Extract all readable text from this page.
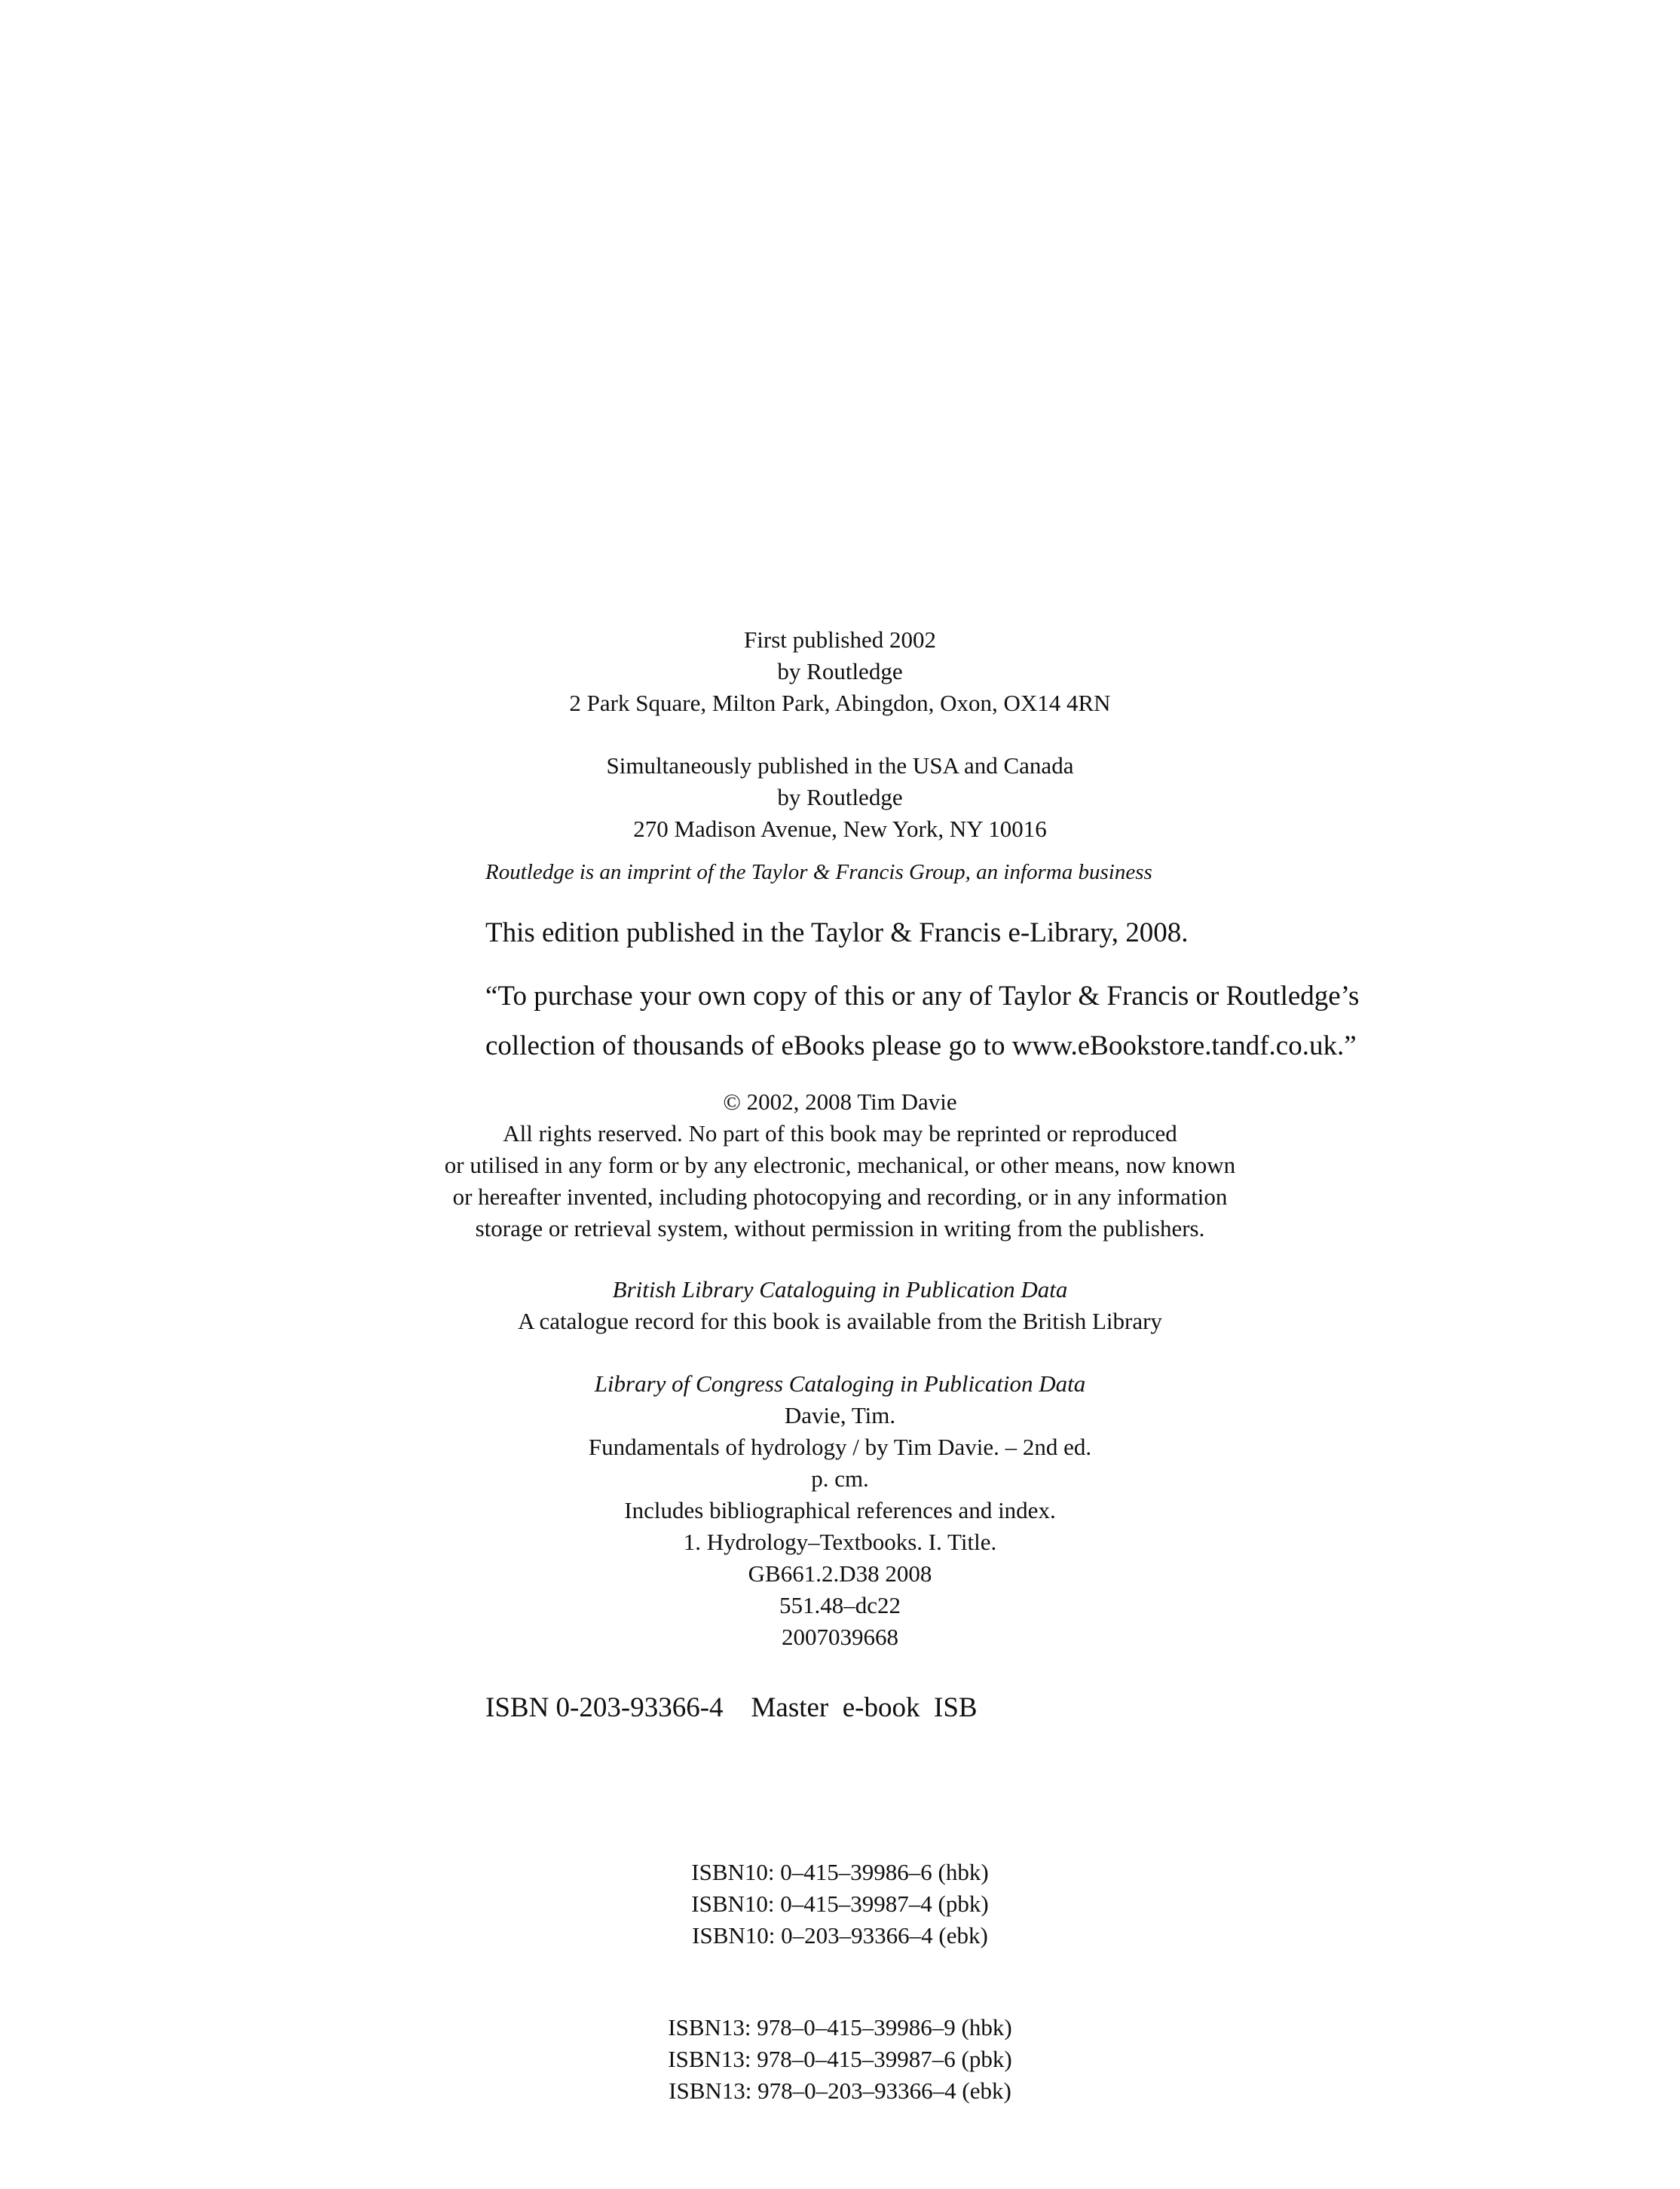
First published 2002
by Routledge
2 Park Square, Milton Park, Abingdon, Oxon, OX14 4RN
Simultaneously published in the USA and Canada
by Routledge
270 Madison Avenue, New York, NY 10016
Routledge is an imprint of the Taylor & Francis Group, an informa business
This edition published in the Taylor & Francis e-Library, 2008.
“To purchase your own copy of this or any of Taylor & Francis or Routledge’s
collection of thousands of eBooks please go to www.eBookstore.tandf.co.uk.”
© 2002, 2008 Tim Davie
All rights reserved. No part of this book may be reprinted or reproduced
or utilised in any form or by any electronic, mechanical, or other means, now known
or hereafter invented, including photocopying and recording, or in any information
storage or retrieval system, without permission in writing from the publishers.
British Library Cataloguing in Publication Data
A catalogue record for this book is available from the British Library
Library of Congress Cataloging in Publication Data
Davie, Tim.
Fundamentals of hydrology / by Tim Davie. – 2nd ed.
p. cm.
Includes bibliographical references and index.
1. Hydrology–Textbooks. I. Title.
GB661.2.D38 2008
551.48–dc22
2007039668
ISBN 0-203-93366-4    Master  e-book  ISB
ISBN10: 0–415–39986–6 (hbk)
ISBN10: 0–415–39987–4 (pbk)
ISBN10: 0–203–93366–4 (ebk)
ISBN13: 978–0–415–39986–9 (hbk)
ISBN13: 978–0–415–39987–6 (pbk)
ISBN13: 978–0–203–93366–4 (ebk)
